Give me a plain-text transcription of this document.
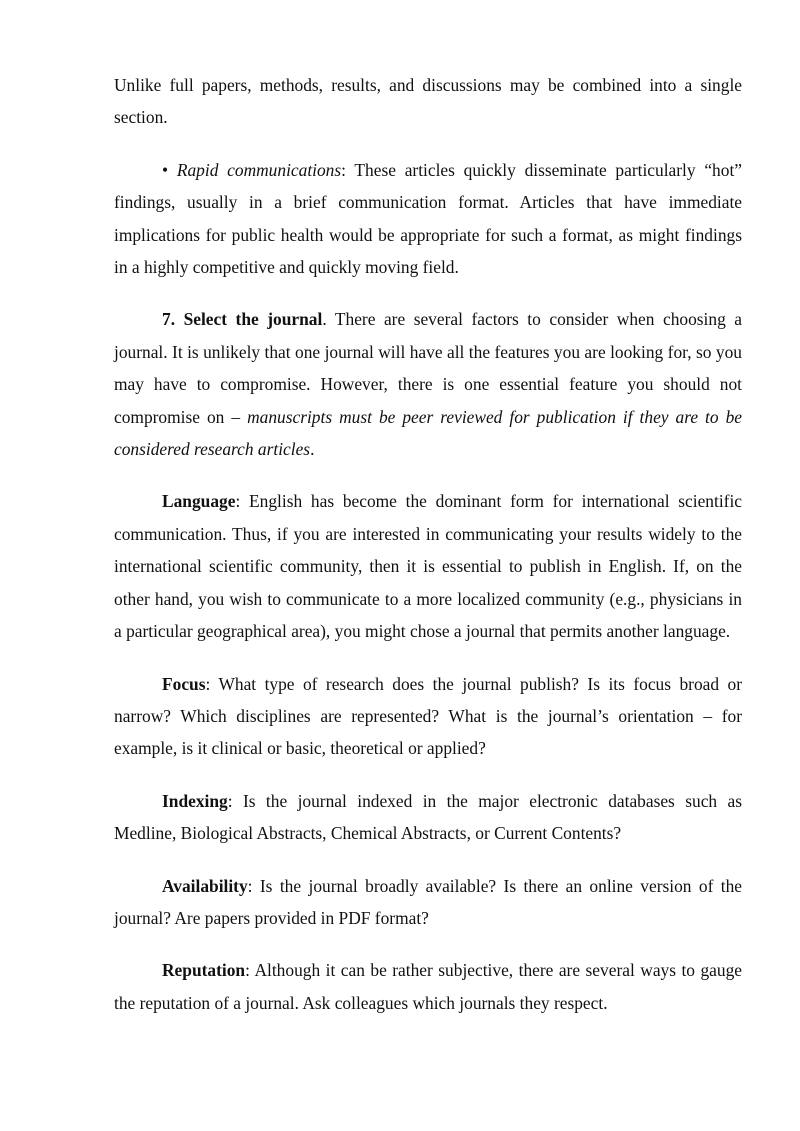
Unlike full papers, methods, results, and discussions may be combined into a single section.

• Rapid communications: These articles quickly disseminate particularly “hot” findings, usually in a brief communication format. Articles that have immediate implications for public health would be appropriate for such a format, as might findings in a highly competitive and quickly moving field.

7. Select the journal. There are several factors to consider when choosing a journal. It is unlikely that one journal will have all the features you are looking for, so you may have to compromise. However, there is one essential feature you should not compromise on – manuscripts must be peer reviewed for publication if they are to be considered research articles.

Language: English has become the dominant form for international scientific communication. Thus, if you are interested in communicating your results widely to the international scientific community, then it is essential to publish in English. If, on the other hand, you wish to communicate to a more localized community (e.g., physicians in a particular geographical area), you might chose a journal that permits another language.

Focus: What type of research does the journal publish? Is its focus broad or narrow? Which disciplines are represented? What is the journal’s orientation – for example, is it clinical or basic, theoretical or applied?

Indexing: Is the journal indexed in the major electronic databases such as Medline, Biological Abstracts, Chemical Abstracts, or Current Contents?

Availability: Is the journal broadly available? Is there an online version of the journal? Are papers provided in PDF format?

Reputation: Although it can be rather subjective, there are several ways to gauge the reputation of a journal. Ask colleagues which journals they respect.
